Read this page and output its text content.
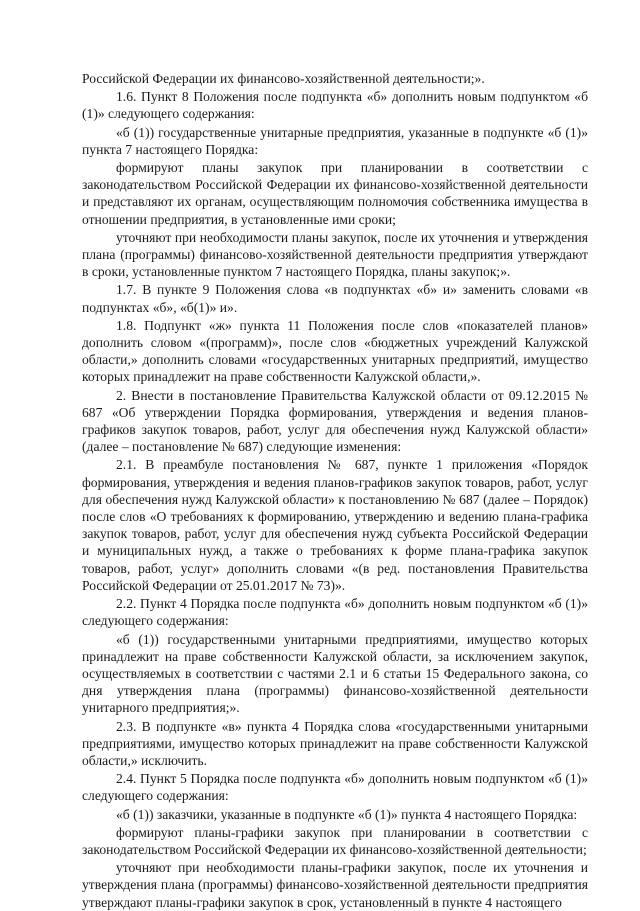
Российской Федерации их финансово-хозяйственной деятельности;».

1.6. Пункт 8 Положения после подпункта «б» дополнить новым подпунктом «б (1)» следующего содержания:

«б (1)) государственные унитарные предприятия, указанные в подпункте «б (1)» пункта 7 настоящего Порядка:

формируют планы закупок при планировании в соответствии с законодательством Российской Федерации их финансово-хозяйственной деятельности и представляют их органам, осуществляющим полномочия собственника имущества в отношении предприятия, в установленные ими сроки;

уточняют при необходимости планы закупок, после их уточнения и утверждения плана (программы) финансово-хозяйственной деятельности предприятия утверждают в сроки, установленные пунктом 7 настоящего Порядка, планы закупок;».

1.7. В пункте 9 Положения слова «в подпунктах «б» и» заменить словами «в подпунктах «б», «б(1)» и».

1.8. Подпункт «ж» пункта 11 Положения после слов «показателей планов» дополнить словом «(программ)», после слов «бюджетных учреждений Калужской области,» дополнить словами «государственных унитарных предприятий, имущество которых принадлежит на праве собственности Калужской области,».

2. Внести в постановление Правительства Калужской области от 09.12.2015 № 687 «Об утверждении Порядка формирования, утверждения и ведения планов-графиков закупок товаров, работ, услуг для обеспечения нужд Калужской области» (далее – постановление № 687) следующие изменения:

2.1. В преамбуле постановления № 687, пункте 1 приложения «Порядок формирования, утверждения и ведения планов-графиков закупок товаров, работ, услуг для обеспечения нужд Калужской области» к постановлению № 687 (далее – Порядок) после слов «О требованиях к формированию, утверждению и ведению плана-графика закупок товаров, работ, услуг для обеспечения нужд субъекта Российской Федерации и муниципальных нужд, а также о требованиях к форме плана-графика закупок товаров, работ, услуг» дополнить словами «(в ред. постановления Правительства Российской Федерации от 25.01.2017 № 73)».

2.2. Пункт 4 Порядка после подпункта «б» дополнить новым подпунктом «б (1)» следующего содержания:

«б (1)) государственными унитарными предприятиями, имущество которых принадлежит на праве собственности Калужской области, за исключением закупок, осуществляемых в соответствии с частями 2.1 и 6 статьи 15 Федерального закона, со дня утверждения плана (программы) финансово-хозяйственной деятельности унитарного предприятия;».

2.3. В подпункте «в» пункта 4 Порядка слова «государственными унитарными предприятиями, имущество которых принадлежит на праве собственности Калужской области,» исключить.

2.4. Пункт 5 Порядка после подпункта «б» дополнить новым подпунктом «б (1)» следующего содержания:

«б (1)) заказчики, указанные в подпункте «б (1)» пункта 4 настоящего Порядка:

формируют планы-графики закупок при планировании в соответствии с законодательством Российской Федерации их финансово-хозяйственной деятельности;

уточняют при необходимости планы-графики закупок, после их уточнения и утверждения плана (программы) финансово-хозяйственной деятельности предприятия утверждают планы-графики закупок в срок, установленный в пункте 4 настоящего
